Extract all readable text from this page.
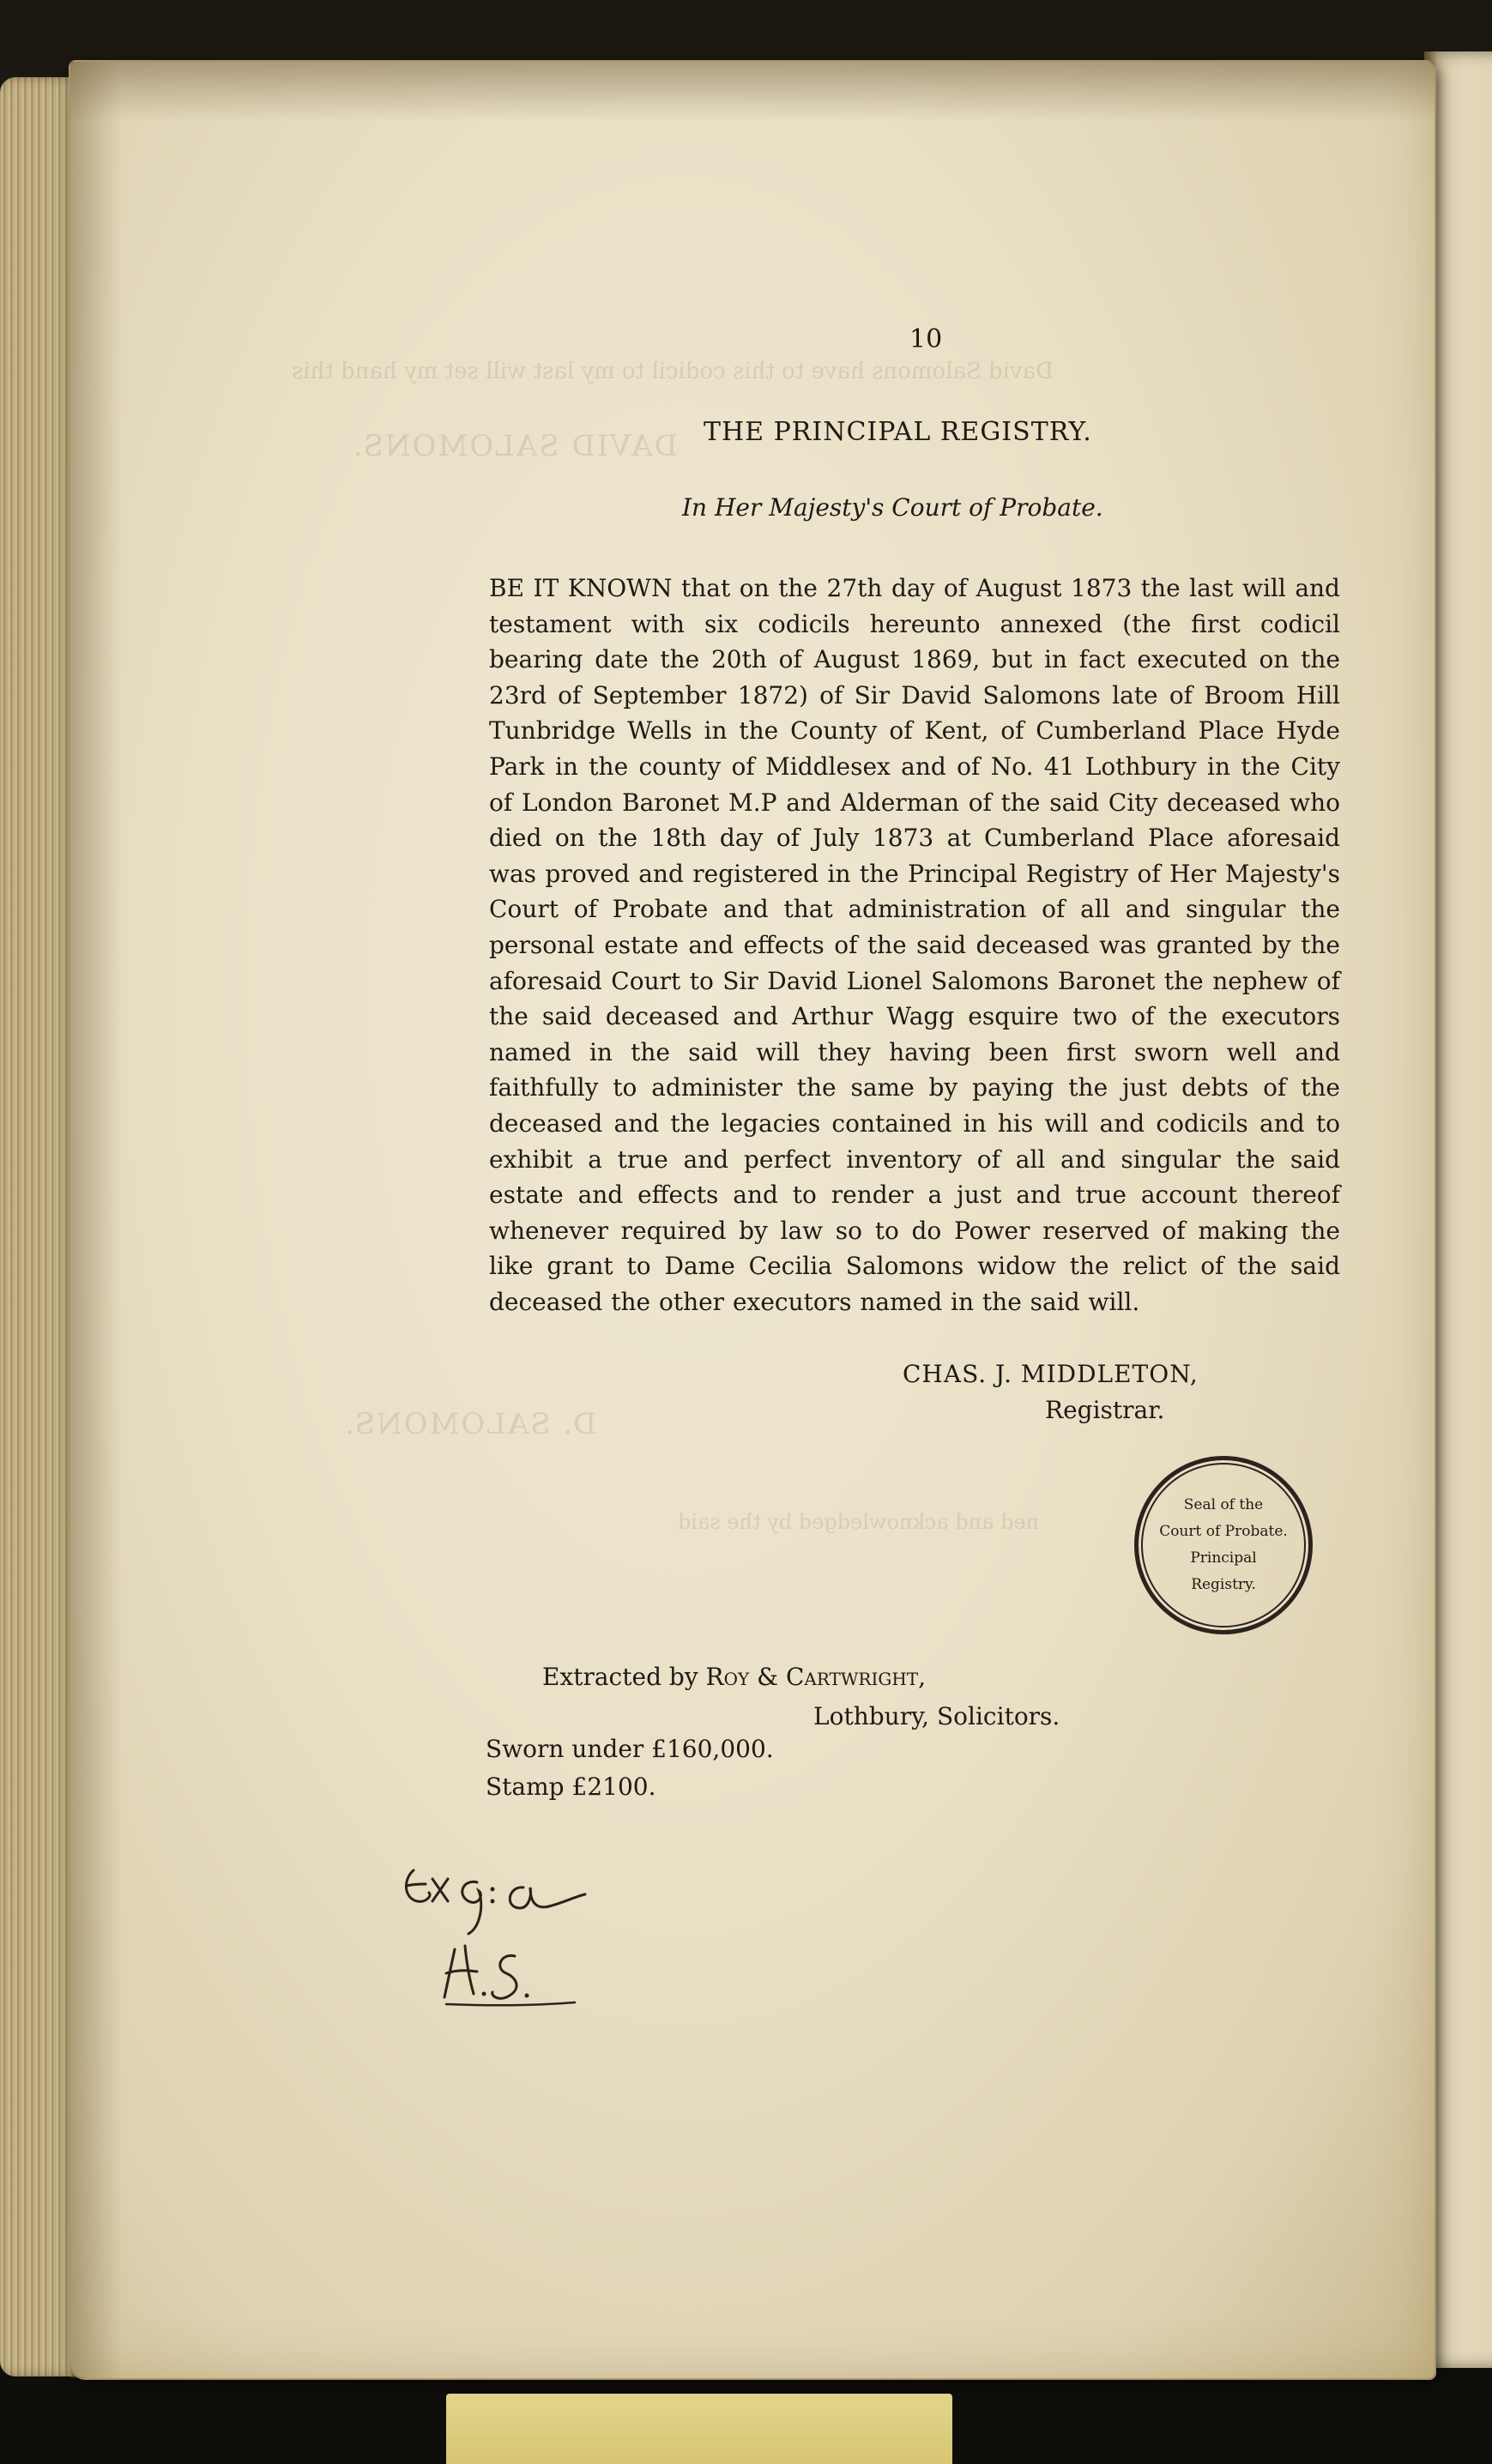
David Salomons have to this codicil to my last will set my hand this
DAVID SALOMONS.
D. SALOMONS.
ned and acknowledged by the said
10
THE PRINCIPAL REGISTRY.
In Her Majesty's Court of Probate.

BE IT KNOWN that on the 27th day of August 1873 the last will and testament with six codicils hereunto annexed (the first codicil bearing date the 20th of August 1869, but in fact executed on the 23rd of September 1872) of Sir David Salomons late of Broom Hill Tunbridge Wells in the County of Kent, of Cumberland Place Hyde Park in the county of Middlesex and of No. 41 Lothbury in the City of London Baronet M.P and Alderman of the said City deceased who died on the 18th day of July 1873 at Cumberland Place aforesaid was proved and registered in the Principal Registry of Her Majesty's Court of Probate and that administration of all and singular the personal estate and effects of the said deceased was granted by the aforesaid Court to Sir David Lionel Salomons Baronet the nephew of the said deceased and Arthur Wagg esquire two of the executors named in the said will they having been first sworn well and faithfully to administer the same by paying the just debts of the deceased and the legacies contained in his will and codicils and to exhibit a true and perfect inventory of all and singular the said estate and effects and to render a just and true account thereof whenever required by law so to do Power reserved of making the like grant to Dame Cecilia Salomons widow the relict of the said deceased the other executors named in the said will.

CHAS. J. MIDDLETON,
Registrar.
Seal of the
Court of Probate.
Principal
Registry.
Extracted by Roy & Cartwright,
Lothbury, Solicitors.
Sworn under £160,000.
Stamp £2100.
